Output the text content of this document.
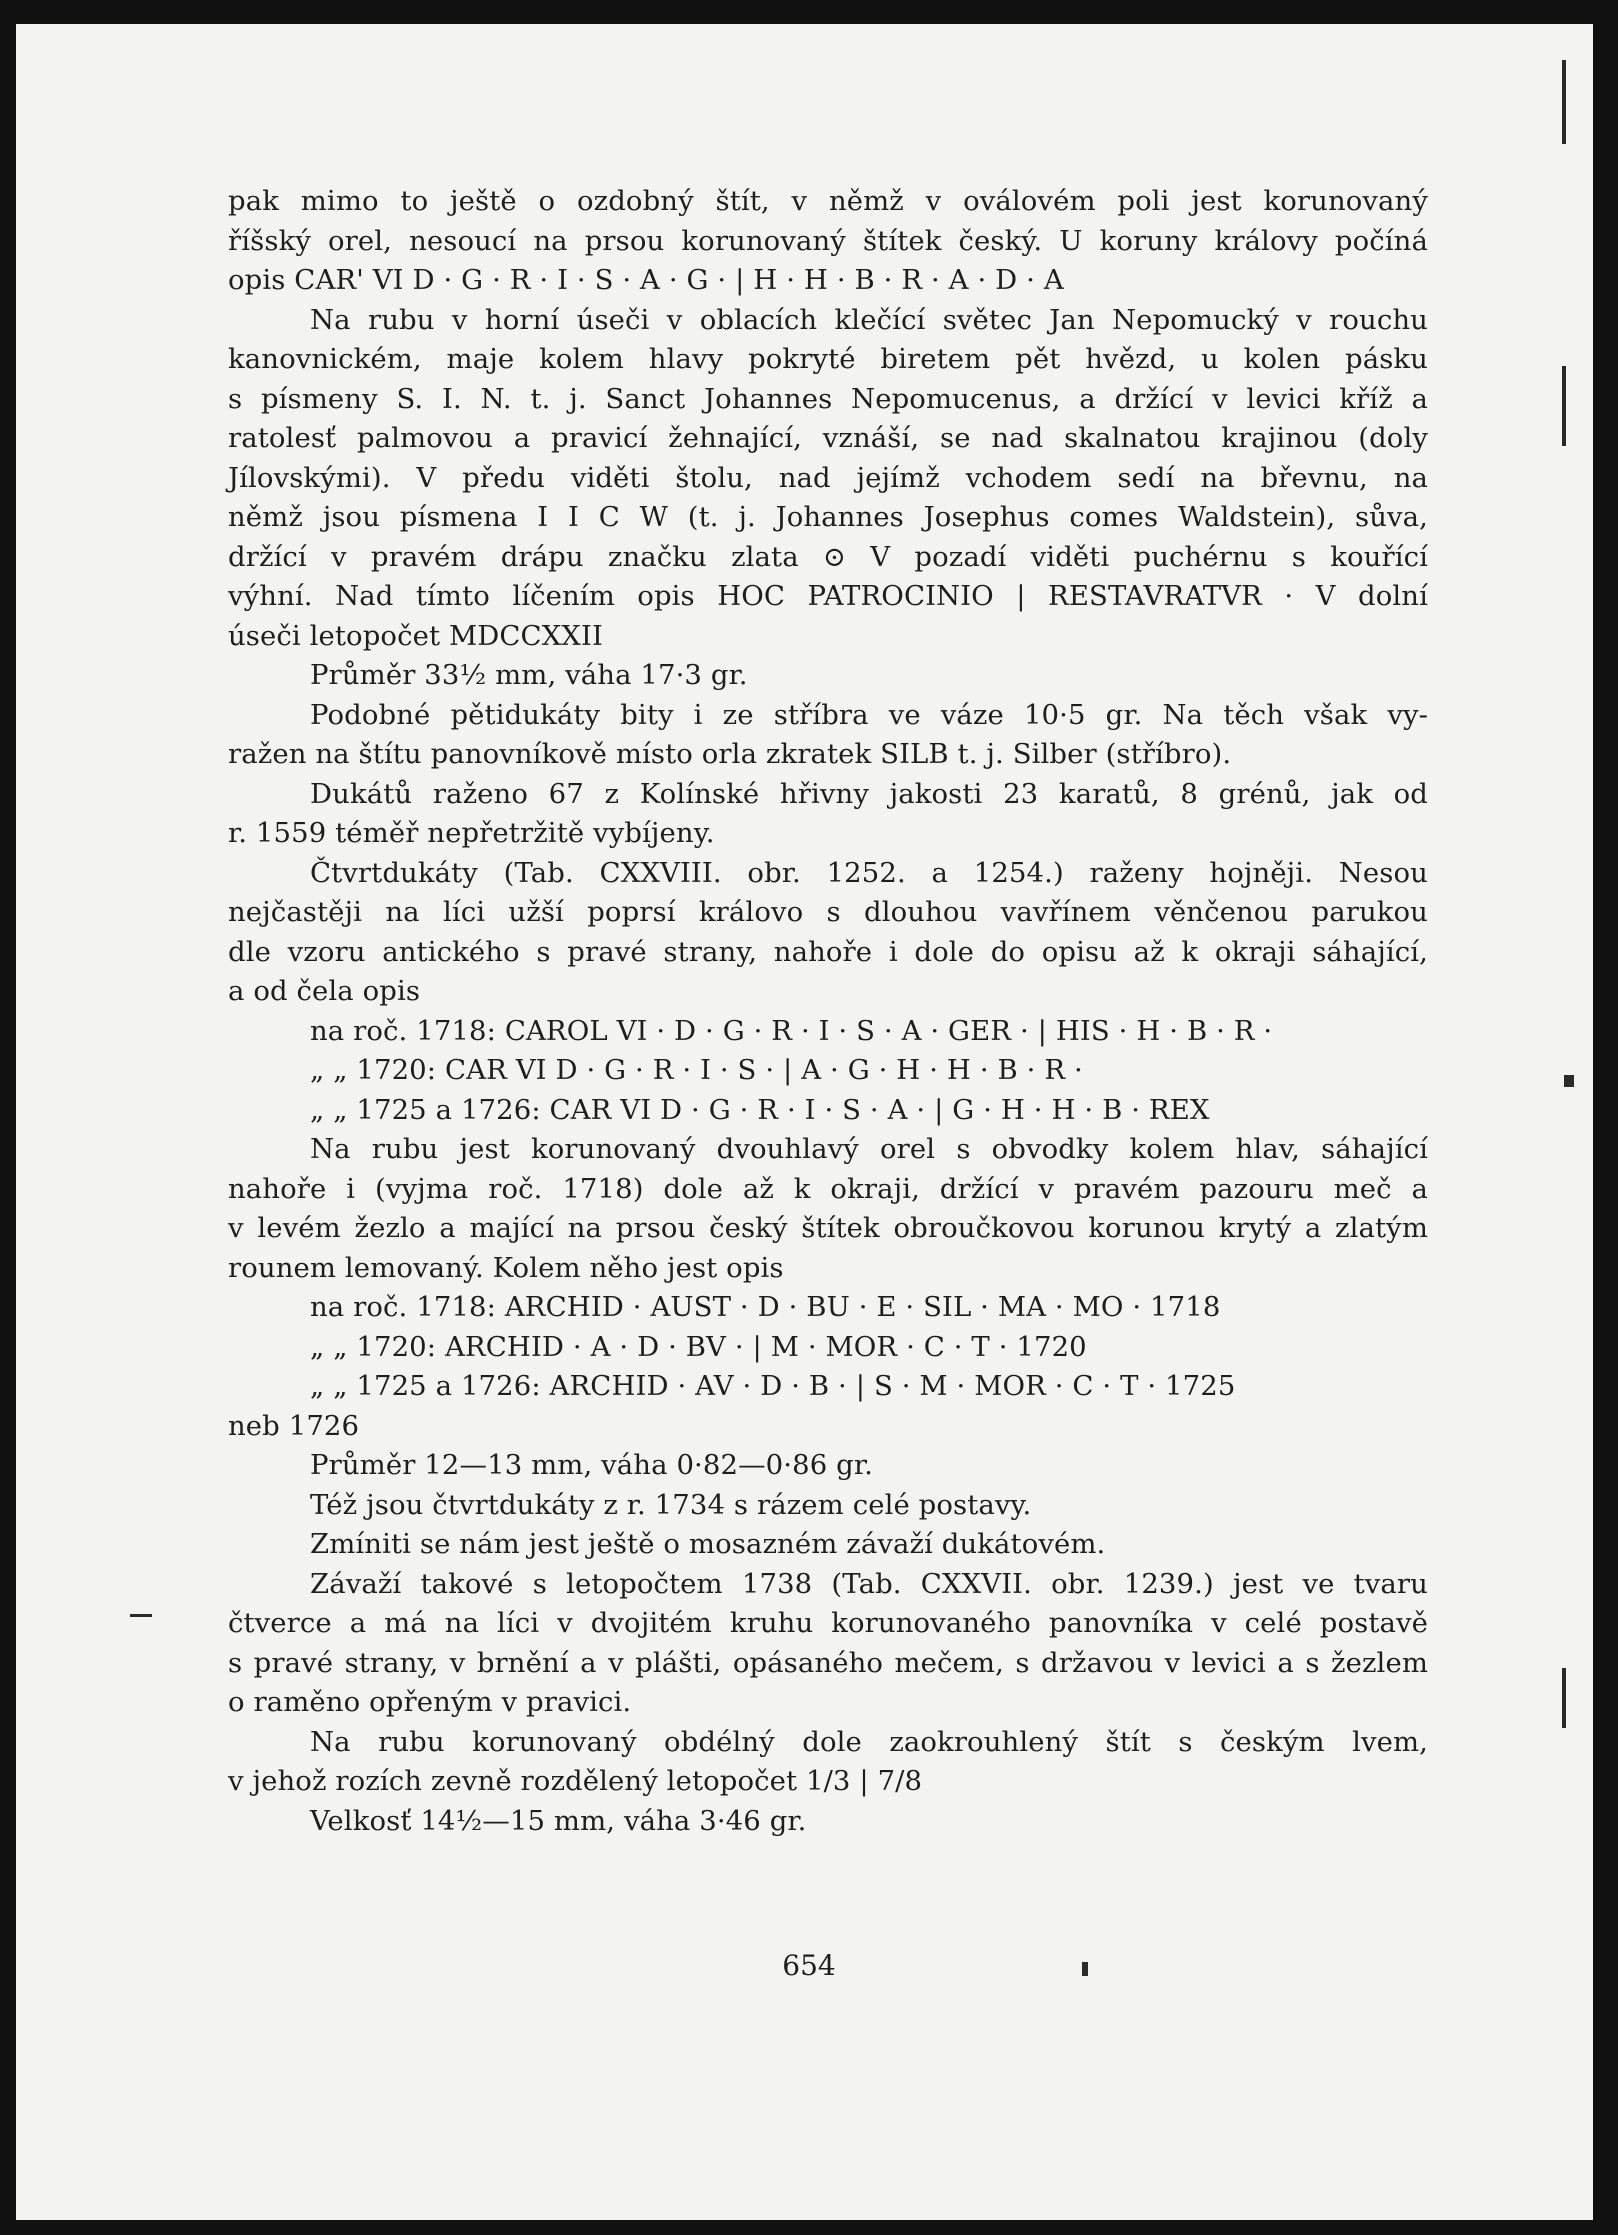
pak mimo to ještě o ozdobný štít, v němž v oválovém poli jest korunovaný

říšský orel, nesoucí na prsou korunovaný štítek český. U koruny královy počíná

opis CAR' VI D · G · R · I · S · A · G · | H · H · B · R · A · D · A

Na rubu v horní úseči v oblacích klečící světec Jan Nepomucký v rouchu

kanovnickém, maje kolem hlavy pokryté biretem pět hvězd, u kolen pásku

s písmeny S. I. N. t. j. Sanct Johannes Nepomucenus, a držící v levici kříž a

ratolesť palmovou a pravicí žehnající, vznáší, se nad skalnatou krajinou (doly

Jílovskými). V předu viděti štolu, nad jejímž vchodem sedí na břevnu, na

němž jsou písmena I I C W (t. j. Johannes Josephus comes Waldstein), sůva,

držící v pravém drápu značku zlata ⊙ V pozadí viděti puchérnu s kouřící

výhní. Nad tímto líčením opis HOC PATROCINIO | RESTAVRATVR · V dolní

úseči letopočet MDCCXXII

Průměr 33½ mm, váha 17·3 gr.

Podobné pětidukáty bity i ze stříbra ve váze 10·5 gr. Na těch však vy-

ražen na štítu panovníkově místo orla zkratek SILB t. j. Silber (stříbro).

Dukátů raženo 67 z Kolínské hřivny jakosti 23 karatů, 8 grénů, jak od

r. 1559 téměř nepřetržitě vybíjeny.

Čtvrtdukáty (Tab. CXXVIII. obr. 1252. a 1254.) raženy hojněji. Nesou

nejčastěji na líci užší poprsí královo s dlouhou vavřínem věnčenou parukou

dle vzoru antického s pravé strany, nahoře i dole do opisu až k okraji sáhající,

a od čela opis

na roč. 1718: CAROL VI · D · G · R · I · S · A · GER · | HIS · H · B · R ·

„ „ 1720: CAR VI D · G · R · I · S · | A · G · H · H · B · R ·

„ „ 1725 a 1726: CAR VI D · G · R · I · S · A · | G · H · H · B · REX

Na rubu jest korunovaný dvouhlavý orel s obvodky kolem hlav, sáhající

nahoře i (vyjma roč. 1718) dole až k okraji, držící v pravém pazouru meč a

v levém žezlo a mající na prsou český štítek obroučkovou korunou krytý a zlatým

rounem lemovaný. Kolem něho jest opis

na roč. 1718: ARCHID · AUST · D · BU · E · SIL · MA · MO · 1718

„ „ 1720: ARCHID · A · D · BV · | M · MOR · C · T · 1720

„ „ 1725 a 1726: ARCHID · AV · D · B · | S · M · MOR · C · T · 1725

neb 1726

Průměr 12—13 mm, váha 0·82—0·86 gr.

Též jsou čtvrtdukáty z r. 1734 s rázem celé postavy.

Zmíniti se nám jest ještě o mosazném závaží dukátovém.

Závaží takové s letopočtem 1738 (Tab. CXXVII. obr. 1239.) jest ve tvaru

čtverce a má na líci v dvojitém kruhu korunovaného panovníka v celé postavě

s pravé strany, v brnění a v plášti, opásaného mečem, s državou v levici a s žezlem

o raměno opřeným v pravici.

Na rubu korunovaný obdélný dole zaokrouhlený štít s českým lvem,

v jehož rozích zevně rozdělený letopočet 1/3 | 7/8

Velkosť 14½—15 mm, váha 3·46 gr.

654
